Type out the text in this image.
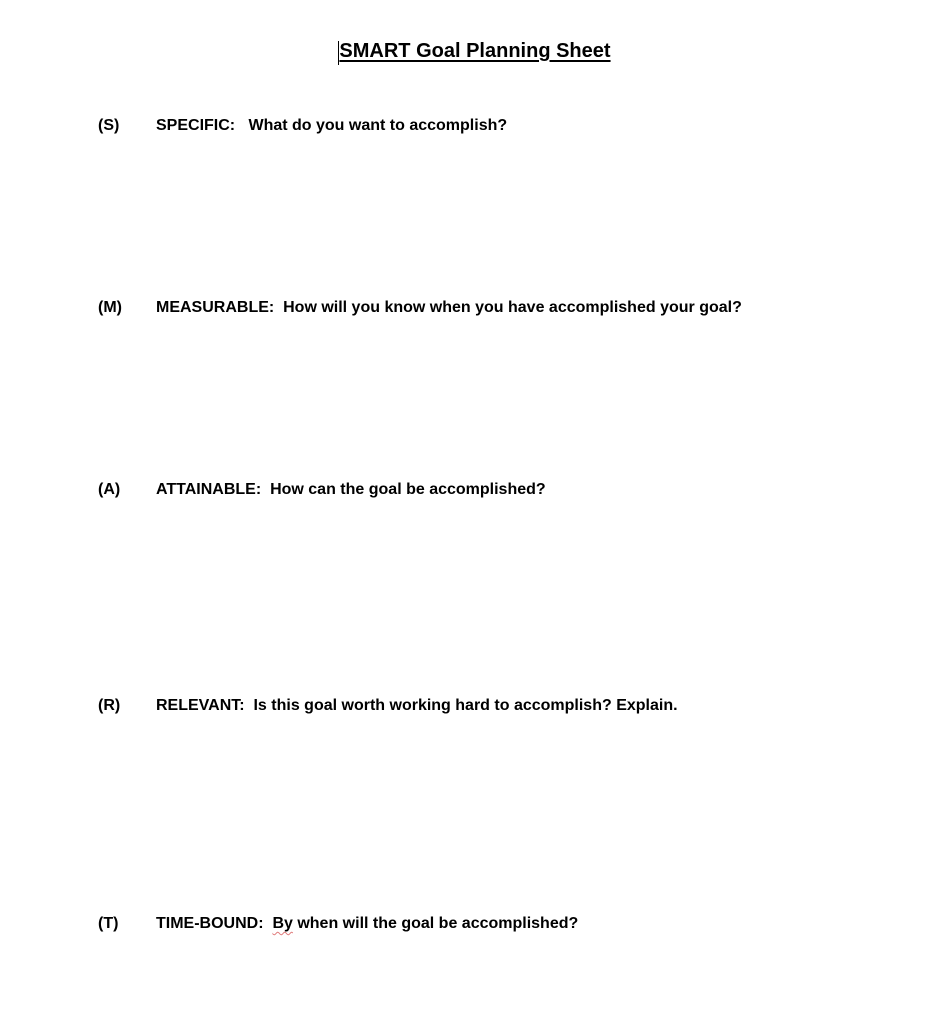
SMART Goal Planning Sheet
(S) SPECIFIC: What do you want to accomplish?
(M) MEASURABLE: How will you know when you have accomplished your goal?
(A) ATTAINABLE: How can the goal be accomplished?
(R) RELEVANT: Is this goal worth working hard to accomplish? Explain.
(T) TIME-BOUND: By when will the goal be accomplished?
